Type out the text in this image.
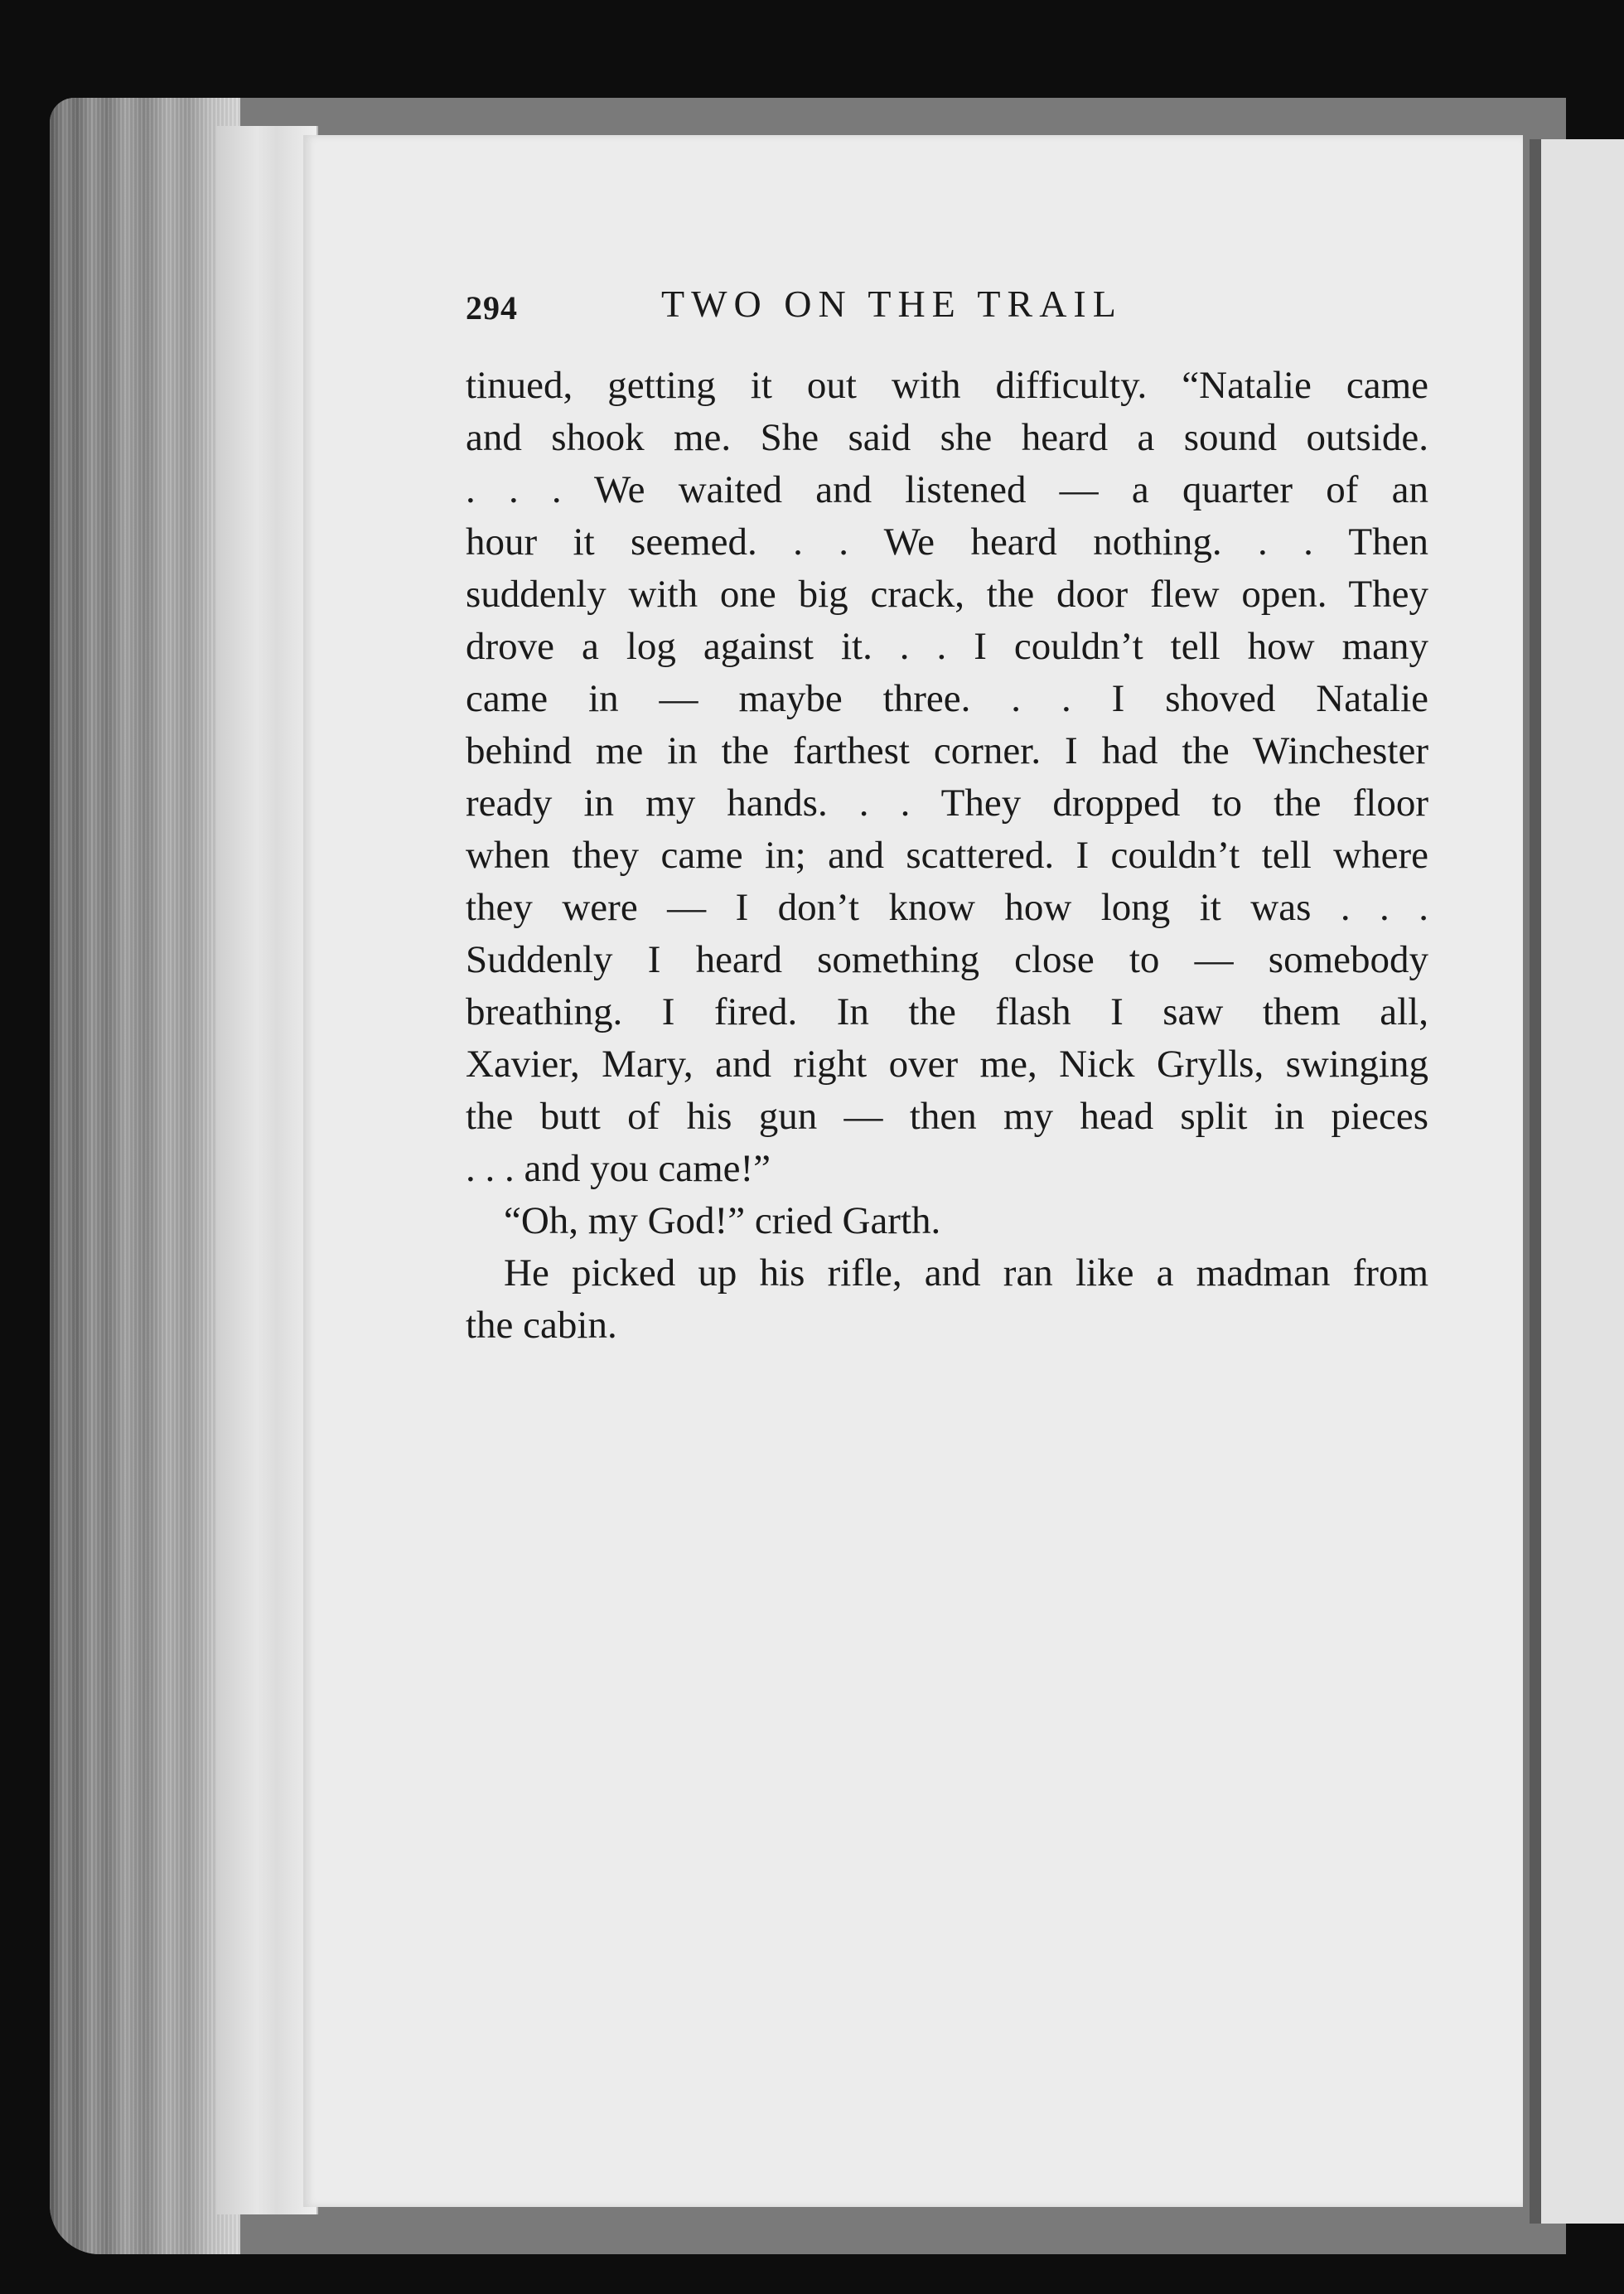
294	TWO ON THE TRAIL
tinued, getting it out with difficulty. “Natalie came
and shook me. She said she heard a sound outside.
. . . We waited and listened — a quarter of an
hour it seemed. . . We heard nothing. . . Then
suddenly with one big crack, the door flew open. They
drove a log against it. . . I couldn’t tell how many
came in — maybe three. . . I shoved Natalie
behind me in the farthest corner. I had the Winchester
ready in my hands. . . They dropped to the floor
when they came in; and scattered. I couldn’t tell where
they were — I don’t know how long it was . . .
Suddenly I heard something close to — somebody
breathing. I fired. In the flash I saw them all,
Xavier, Mary, and right over me, Nick Grylls, swinging
the butt of his gun — then my head split in pieces
. . . and you came!”
“Oh, my God!” cried Garth.
He picked up his rifle, and ran like a madman from
the cabin.
